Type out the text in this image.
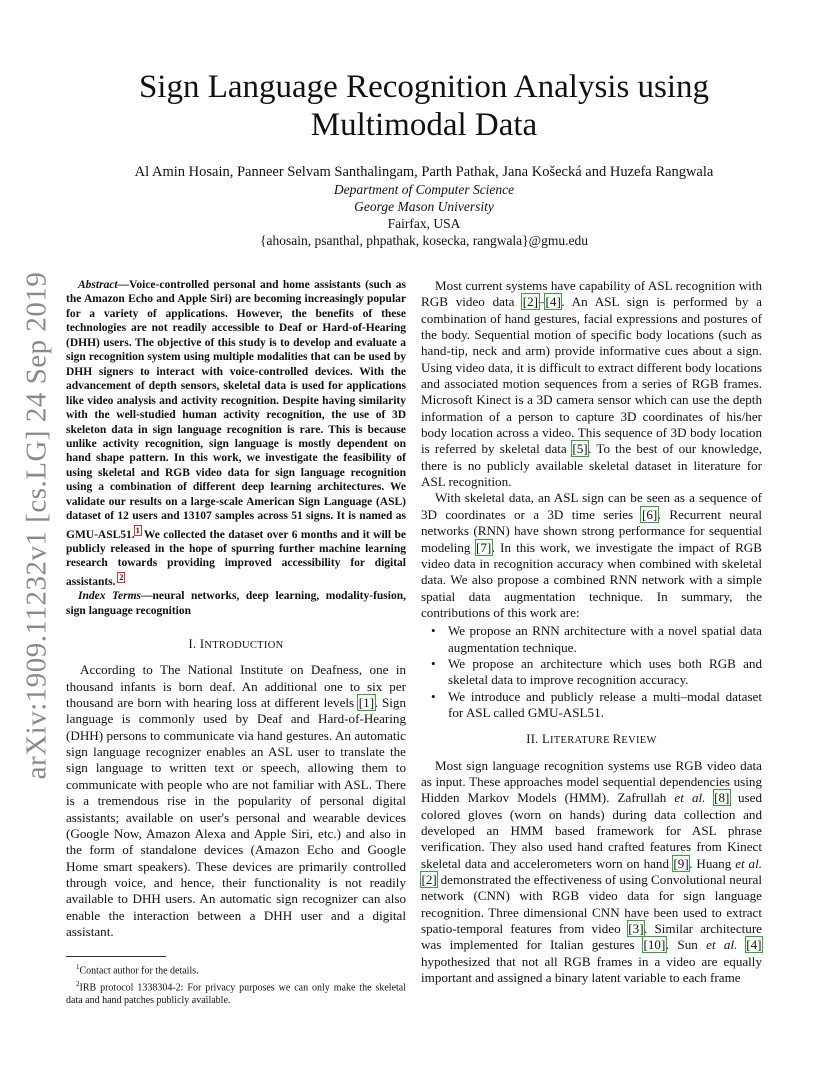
arXiv:1909.11232v1 [cs.LG] 24 Sep 2019
Sign Language Recognition Analysis using
Multimodal Data
Al Amin Hosain, Panneer Selvam Santhalingam, Parth Pathak, Jana Košecká and Huzefa Rangwala
Department of Computer Science
George Mason University
Fairfax, USA
{ahosain, psanthal, phpathak, kosecka, rangwala}@gmu.edu

Abstract—Voice-controlled personal and home assistants (such as the Amazon Echo and Apple Siri) are becoming increasingly popular for a variety of applications. However, the benefits of these technologies are not readily accessible to Deaf or Hard-of-Hearing (DHH) users. The objective of this study is to develop and evaluate a sign recognition system using multiple modalities that can be used by DHH signers to interact with voice-controlled devices. With the advancement of depth sensors, skeletal data is used for applications like video analysis and activity recognition. Despite having similarity with the well-studied human activity recognition, the use of 3D skeleton data in sign language recognition is rare. This is because unlike activity recognition, sign language is mostly dependent on hand shape pattern. In this work, we investigate the feasibility of using skeletal and RGB video data for sign language recognition using a combination of different deep learning architectures. We validate our results on a large-scale American Sign Language (ASL) dataset of 12 users and 13107 samples across 51 signs. It is named as GMU-ASL51.$^1$ We collected the dataset over 6 months and it will be publicly released in the hope of spurring further machine learning research towards providing improved accessibility for digital assistants. $^2$

Index Terms—neural networks, deep learning, modality-fusion, sign language recognition

I. INTRODUCTION

According to The National Institute on Deafness, one in thousand infants is born deaf. An additional one to six per thousand are born with hearing loss at different levels [1]. Sign language is commonly used by Deaf and Hard-of-Hearing (DHH) persons to communicate via hand gestures. An automatic sign language recognizer enables an ASL user to translate the sign language to written text or speech, allowing them to communicate with people who are not familiar with ASL. There is a tremendous rise in the popularity of personal digital assistants; available on user's personal and wearable devices (Google Now, Amazon Alexa and Apple Siri, etc.) and also in the form of standalone devices (Amazon Echo and Google Home smart speakers). These devices are primarily controlled through voice, and hence, their functionality is not readily available to DHH users. An automatic sign recognizer can also enable the interaction between a DHH user and a digital assistant.

$^1$Contact author for the details.

$^2$IRB protocol 1338304-2: For privacy purposes we can only make the skeletal data and hand patches publicly available.

Most current systems have capability of ASL recognition with RGB video data [2]–[4]. An ASL sign is performed by a combination of hand gestures, facial expressions and postures of the body. Sequential motion of specific body locations (such as hand-tip, neck and arm) provide informative cues about a sign. Using video data, it is difficult to extract different body locations and associated motion sequences from a series of RGB frames. Microsoft Kinect is a 3D camera sensor which can use the depth information of a person to capture 3D coordinates of his/her body location across a video. This sequence of 3D body location is referred by skeletal data [5]. To the best of our knowledge, there is no publicly available skeletal dataset in literature for ASL recognition.

With skeletal data, an ASL sign can be seen as a sequence of 3D coordinates or a 3D time series [6]. Recurrent neural networks (RNN) have shown strong performance for sequential modeling [7]. In this work, we investigate the impact of RGB video data in recognition accuracy when combined with skeletal data. We also propose a combined RNN network with a simple spatial data augmentation technique. In summary, the contributions of this work are:

• We propose an RNN architecture with a novel spatial data augmentation technique.
• We propose an architecture which uses both RGB and skeletal data to improve recognition accuracy.
• We introduce and publicly release a multi–modal dataset for ASL called GMU-ASL51.
II. LITERATURE REVIEW

Most sign language recognition systems use RGB video data as input. These approaches model sequential dependencies using Hidden Markov Models (HMM). Zafrullah et al. [8] used colored gloves (worn on hands) during data collection and developed an HMM based framework for ASL phrase verification. They also used hand crafted features from Kinect skeletal data and accelerometers worn on hand [9]. Huang et al. [2] demonstrated the effectiveness of using Convolutional neural network (CNN) with RGB video data for sign language recognition. Three dimensional CNN have been used to extract spatio-temporal features from video [3]. Similar architecture was implemented for Italian gestures [10]. Sun et al. [4] hypothesized that not all RGB frames in a video are equally important and assigned a binary latent variable to each frame
